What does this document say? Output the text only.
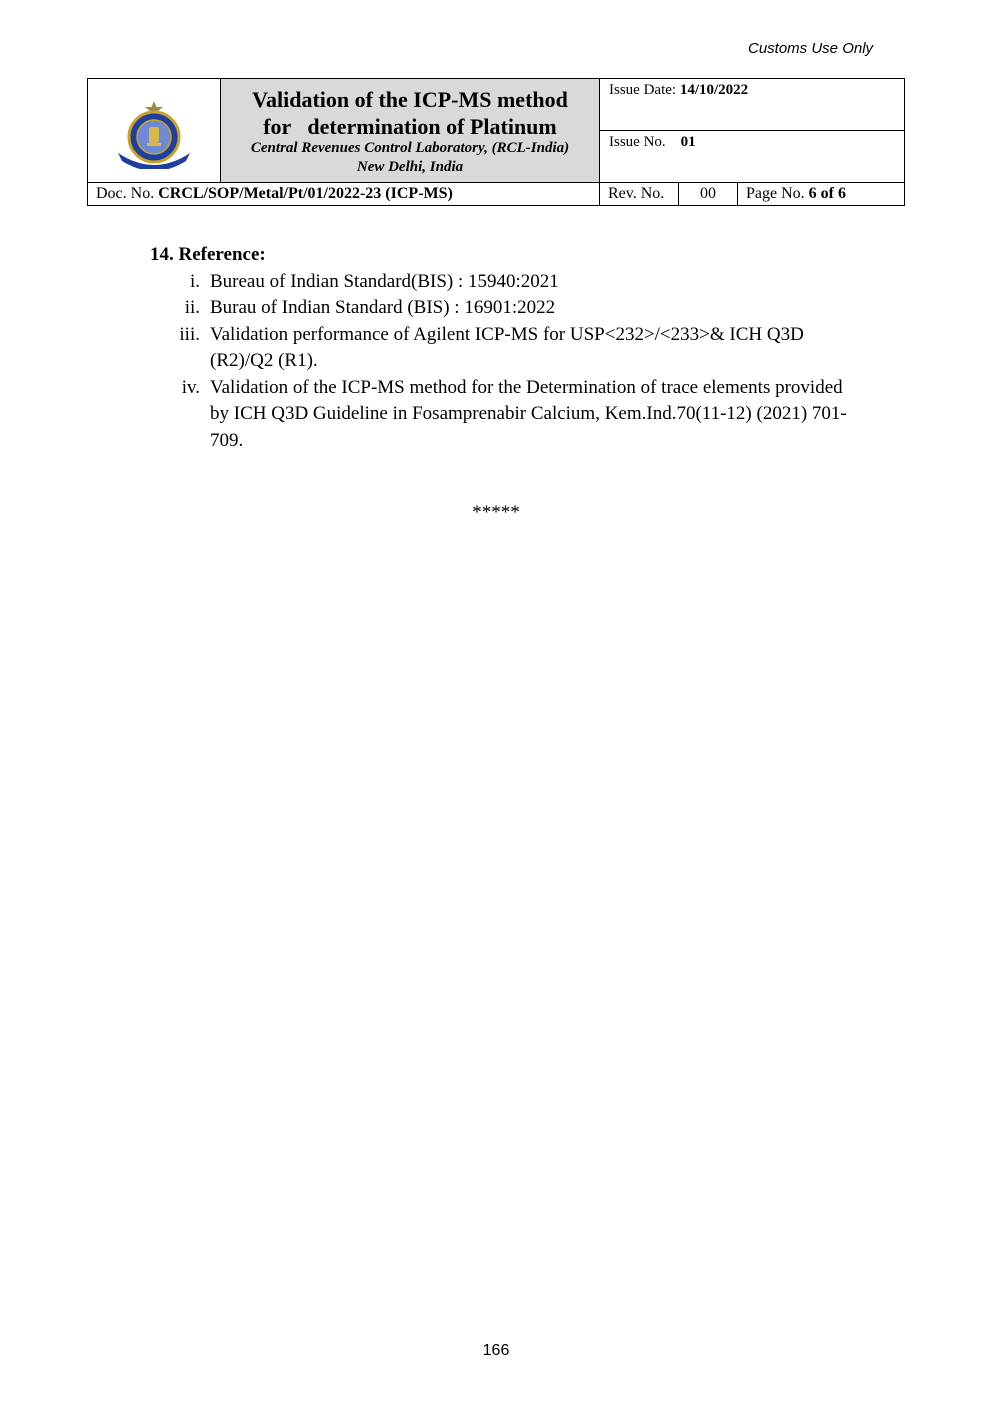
Customs Use Only

Validation of the ICP-MS method
for   determination of Platinum
Central Revenues Control Laboratory, (RCL-India)
New Delhi, India	Issue Date: 14/10/2022		
		Issue No. 01		
Doc. No. CRCL/SOP/Metal/Pt/01/2022-23 (ICP-MS)		Rev. No.	00	Page No. 6 of 6
14. Reference:
i. Bureau of Indian Standard(BIS) : 15940:2021
ii. Burau of Indian Standard (BIS) : 16901:2022
iii. Validation performance of Agilent ICP-MS for USP<232>/<233>& ICH Q3D (R2)/Q2 (R1).
iv. Validation of the ICP-MS method for the Determination of trace elements provided by ICH Q3D Guideline in Fosamprenabir Calcium, Kem.Ind.70(11-12) (2021) 701-709.
*****
166
